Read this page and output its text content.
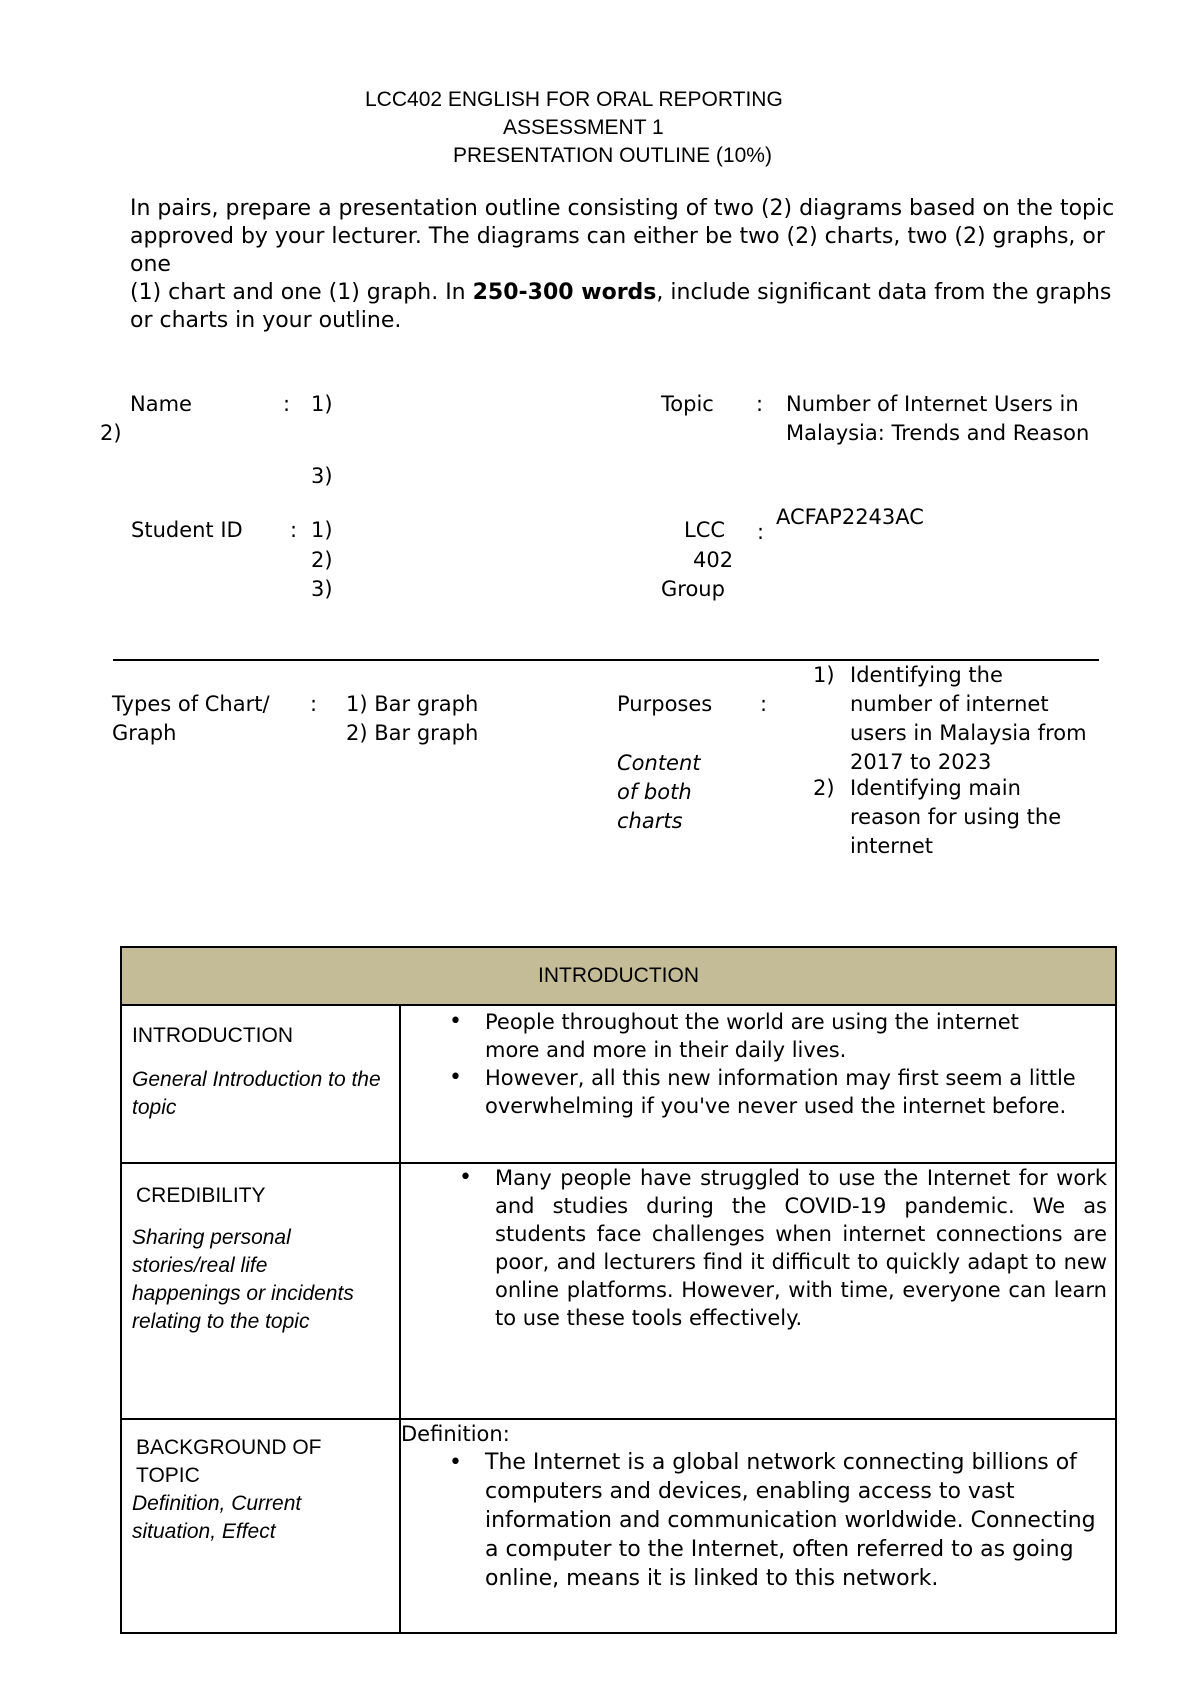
LCC402 ENGLISH FOR ORAL REPORTING
ASSESSMENT 1
PRESENTATION OUTLINE (10%)
In pairs, prepare a presentation outline consisting of two (2) diagrams based on the topic approved by your lecturer. The diagrams can either be two (2) charts, two (2) graphs, or one
(1) chart and one (1) graph. In 250-300 words, include significant data from the graphs or charts in your outline.
Name	: 1)
2)
3)
Topic : Number of Internet Users in
Malaysia: Trends and Reason
Student ID : 1)
2)
3)
LCC
402
Group
:
ACFAP2243AC
Types of Chart/
Graph
: 1) Bar graph
2) Bar graph
Purposes :
Content
of both
charts
1) Identifying the number of internet users in Malaysia from 2017 to 2023
2) Identifying main reason for using the internet
INTRODUCTION
INTRODUCTION
General Introduction to the topic
• People throughout the world are using the internet more and more in their daily lives.
• However, all this new information may first seem a little overwhelming if you've never used the internet before.
CREDIBILITY
Sharing personal stories/real life happenings or incidents relating to the topic
• Many people have struggled to use the Internet for work and studies during the COVID-19 pandemic. We as students face challenges when internet connections are poor, and lecturers find it difficult to quickly adapt to new online platforms. However, with time, everyone can learn to use these tools effectively.
BACKGROUND OF TOPIC
Definition, Current situation, Effect
Definition:
• The Internet is a global network connecting billions of computers and devices, enabling access to vast information and communication worldwide. Connecting a computer to the Internet, often referred to as going online, means it is linked to this network.
